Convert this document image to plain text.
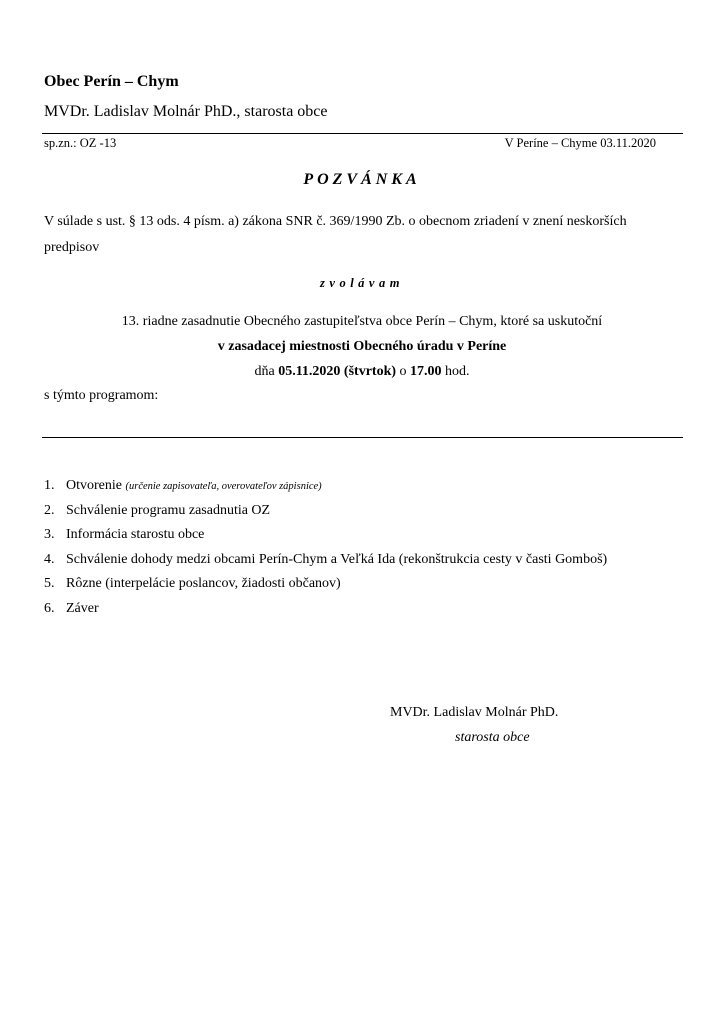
Obec Perín – Chym
MVDr. Ladislav Molnár PhD., starosta obce
sp.zn.: OZ -13	V Períne – Chyme 03.11.2020
POZVÁNKA
V súlade s ust. § 13 ods. 4 písm. a) zákona SNR č. 369/1990 Zb. o obecnom zriadení v znení neskorších predpisov
zvolávam
13. riadne zasadnutie Obecného zastupiteľstva obce Perín – Chym, ktoré sa uskutoční
v zasadacej miestnosti Obecného úradu v Períne
dňa 05.11.2020 (štvrtok) o 17.00 hod.
s týmto programom:
1. Otvorenie (určenie zapisovateľa, overovateľov zápisnice)
2. Schválenie programu zasadnutia OZ
3. Informácia starostu obce
4. Schválenie dohody medzi obcami Perín-Chym a Veľká Ida (rekonštrukcia cesty v časti Gomboš)
5. Rôzne (interpelácie poslancov, žiadosti občanov)
6. Záver
MVDr. Ladislav Molnár PhD.
starosta obce
